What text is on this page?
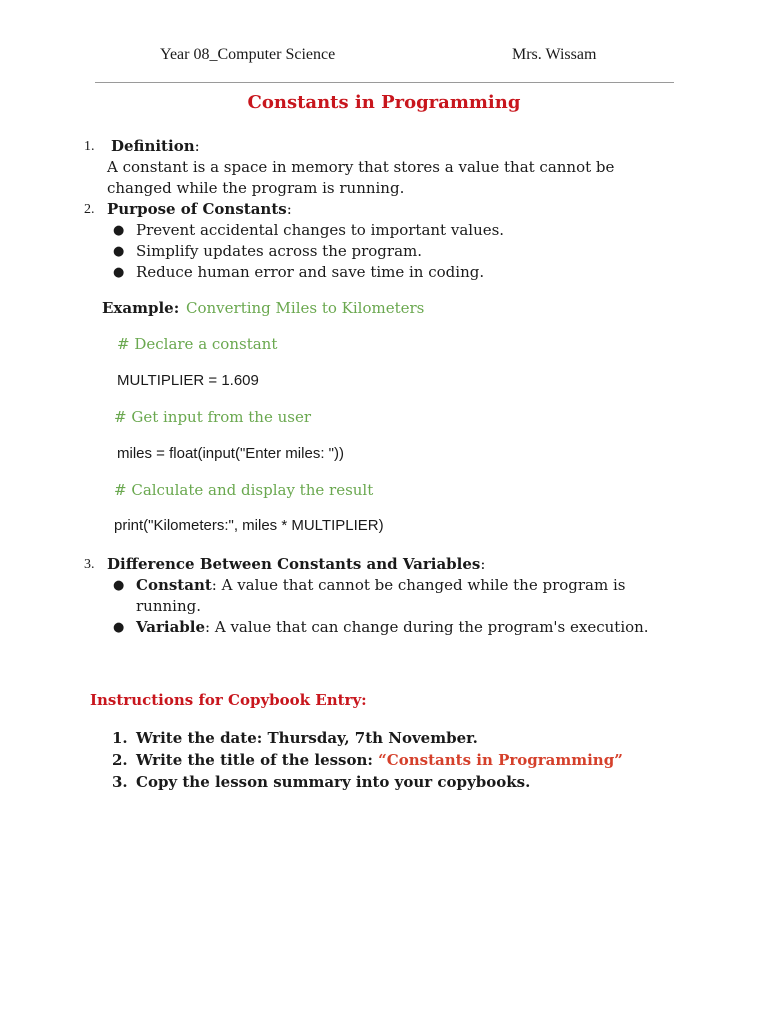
Year 08_Computer Science	Mrs. Wissam
Constants in Programming
1. Definition:
A constant is a space in memory that stores a value that cannot be
changed while the program is running.
2. Purpose of Constants:
● Prevent accidental changes to important values.
● Simplify updates across the program.
● Reduce human error and save time in coding.
Example: Converting Miles to Kilometers
# Declare a constant
MULTIPLIER = 1.609
# Get input from the user
miles = float(input("Enter miles: "))
# Calculate and display the result
print("Kilometers:", miles * MULTIPLIER)
3. Difference Between Constants and Variables:
● Constant: A value that cannot be changed while the program is
running.
● Variable: A value that can change during the program's execution.
Instructions for Copybook Entry:
1. Write the date: Thursday, 7th November.
2. Write the title of the lesson: “Constants in Programming”
3. Copy the lesson summary into your copybooks.
